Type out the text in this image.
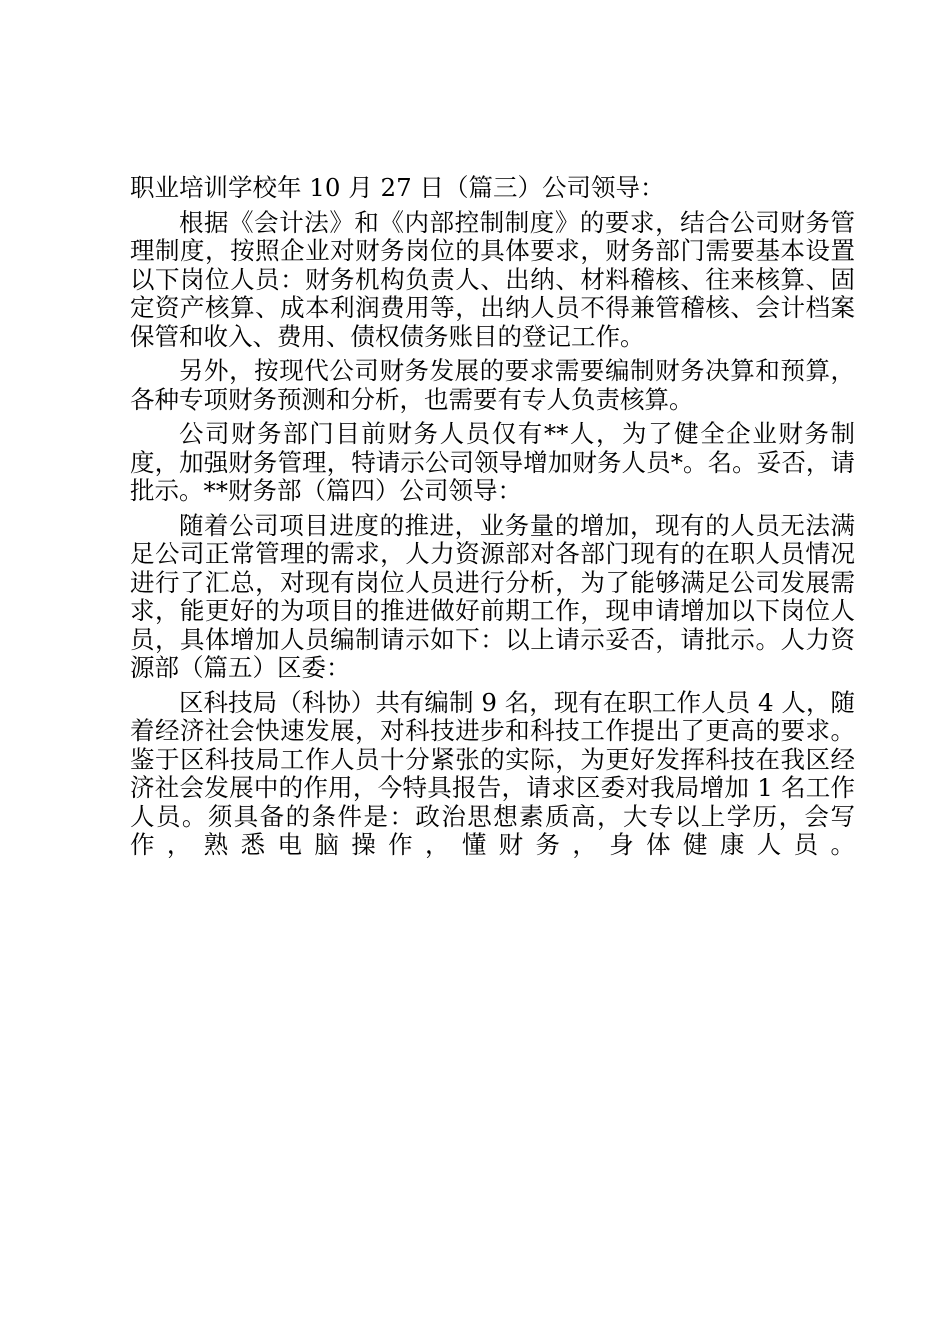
职业培训学校年 10 月 27 日（篇三）公司领导：

根据《会计法》和《内部控制制度》的要求，结合公司财务管理制度，按照企业对财务岗位的具体要求，财务部门需要基本设置以下岗位人员：财务机构负责人、出纳、材料稽核、往来核算、固定资产核算、成本利润费用等，出纳人员不得兼管稽核、会计档案保管和收入、费用、债权债务账目的登记工作。

另外，按现代公司财务发展的要求需要编制财务决算和预算，各种专项财务预测和分析，也需要有专人负责核算。

公司财务部门目前财务人员仅有**人，为了健全企业财务制度，加强财务管理，特请示公司领导增加财务人员*。名。妥否，请批示。**财务部（篇四）公司领导：

随着公司项目进度的推进，业务量的增加，现有的人员无法满足公司正常管理的需求，人力资源部对各部门现有的在职人员情况进行了汇总，对现有岗位人员进行分析，为了能够满足公司发展需求，能更好的为项目的推进做好前期工作，现申请增加以下岗位人员，具体增加人员编制请示如下：以上请示妥否，请批示。人力资源部（篇五）区委：

区科技局（科协）共有编制 9 名，现有在职工作人员 4 人，随着经济社会快速发展，对科技进步和科技工作提出了更高的要求。鉴于区科技局工作人员十分紧张的实际，为更好发挥科技在我区经济社会发展中的作用，今特具报告，请求区委对我局增加 1 名工作人员。须具备的条件是：政治思想素质高，大专以上学历，会写作，熟悉电脑操作，懂财务，身体健康人员。
